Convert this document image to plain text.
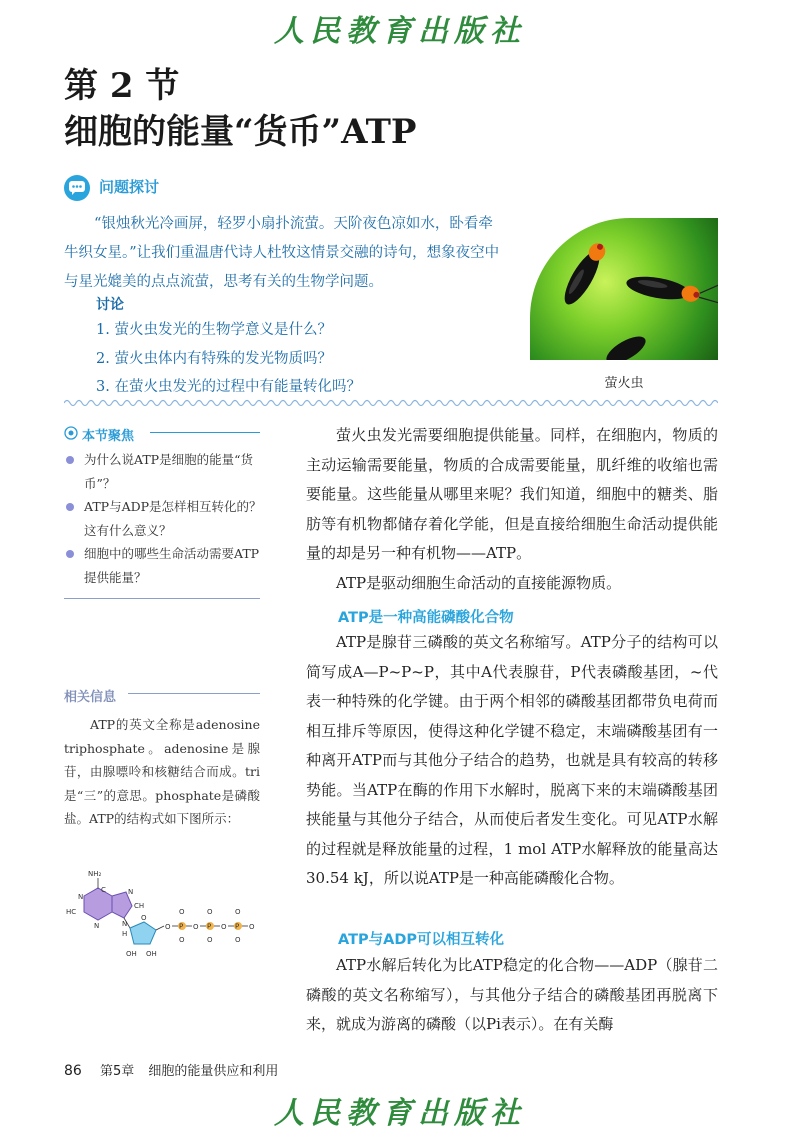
人民教育出版社
第 2 节
细胞的能量“货币”ATP
问题探讨
“银烛秋光冷画屏，轻罗小扇扑流萤。天阶夜色凉如水，卧看牵牛织女星。”让我们重温唐代诗人杜牧这情景交融的诗句，想象夜空中与星光媲美的点点流萤，思考有关的生物学问题。
讨论
1. 萤火虫发光的生物学意义是什么？
2. 萤火虫体内有特殊的发光物质吗？
3. 在萤火虫发光的过程中有能量转化吗？	萤火虫
本节聚焦
为什么说ATP是细胞的能量“货币”？
ATP与ADP是怎样相互转化的？这有什么意义？
细胞中的哪些生命活动需要ATP提供能量？
相关信息
ATP的英文全称是adenosine triphosphate。adenosine是腺苷，由腺嘌呤和核糖结合而成。tri是“三”的意思。phosphate是磷酸盐。ATP的结构式如下图所示：
NH₂
C
N
HC
N
N
CH
N
O
H
OH OH
O P
O
O
O P
O
O
O P
O
O
O

萤火虫发光需要细胞提供能量。同样，在细胞内，物质的主动运输需要能量，物质的合成需要能量，肌纤维的收缩也需要能量。这些能量从哪里来呢？我们知道，细胞中的糖类、脂肪等有机物都储存着化学能，但是直接给细胞生命活动提供能量的却是另一种有机物——ATP。

ATP是驱动细胞生命活动的直接能源物质。

ATP是一种高能磷酸化合物

ATP是腺苷三磷酸的英文名称缩写。ATP分子的结构可以简写成A—P~P~P，其中A代表腺苷，P代表磷酸基团，~代表一种特殊的化学键。由于两个相邻的磷酸基团都带负电荷而相互排斥等原因，使得这种化学键不稳定，末端磷酸基团有一种离开ATP而与其他分子结合的趋势，也就是具有较高的转移势能。当ATP在酶的作用下水解时，脱离下来的末端磷酸基团挟能量与其他分子结合，从而使后者发生变化。可见ATP水解的过程就是释放能量的过程，1 mol ATP水解释放的能量高达30.54 kJ，所以说ATP是一种高能磷酸化合物。

ATP与ADP可以相互转化

ATP水解后转化为比ATP稳定的化合物——ADP（腺苷二磷酸的英文名称缩写），与其他分子结合的磷酸基团再脱离下来，就成为游离的磷酸（以Pi表示）。在有关酶

86 第5章 细胞的能量供应和利用
人民教育出版社
